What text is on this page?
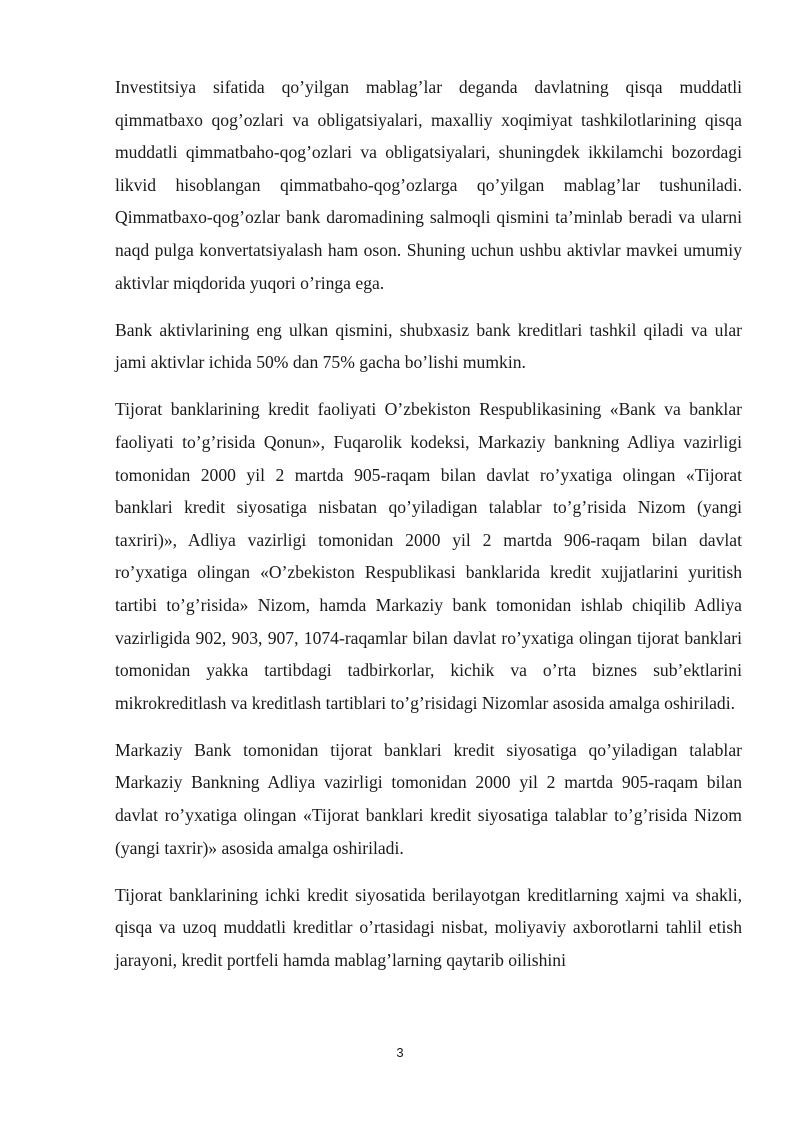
Investitsiya sifatida qo’yilgan mablag’lar deganda davlatning qisqa muddatli qimmatbaxo qog’ozlari va obligatsiyalari, maxalliy xoqimiyat tashkilotlarining qisqa muddatli qimmatbaho-qog’ozlari va obligatsiyalari, shuningdek ikkilamchi bozordagi likvid hisoblangan qimmatbaho-qog’ozlarga qo’yilgan mablag’lar tushuniladi. Qimmatbaxo-qog’ozlar bank daromadining salmoqli qismini ta’minlab beradi va ularni naqd pulga konvertatsiyalash ham oson. Shuning uchun ushbu aktivlar mavkei umumiy aktivlar miqdorida yuqori o’ringa ega.

Bank aktivlarining eng ulkan qismini, shubxasiz bank kreditlari tashkil qiladi va ular jami aktivlar ichida 50% dan 75% gacha bo’lishi mumkin.

Tijorat banklarining kredit faoliyati O’zbekiston Respublikasining «Bank va banklar faoliyati to’g’risida Qonun», Fuqarolik kodeksi, Markaziy bankning Adliya vazirligi tomonidan 2000 yil 2 martda 905-raqam bilan davlat ro’yxatiga olingan «Tijorat banklari kredit siyosatiga nisbatan qo’yiladigan talablar to’g’risida Nizom (yangi taxriri)», Adliya vazirligi tomonidan 2000 yil 2 martda 906-raqam bilan davlat ro’yxatiga olingan «O’zbekiston Respublikasi banklarida kredit xujjatlarini yuritish tartibi to’g’risida» Nizom, hamda Markaziy bank tomonidan ishlab chiqilib Adliya vazirligida 902, 903, 907, 1074-raqamlar bilan davlat ro’yxatiga olingan tijorat banklari tomonidan yakka tartibdagi tadbirkorlar, kichik va o’rta biznes sub’ektlarini mikrokreditlash va kreditlash tartiblari to’g’risidagi Nizomlar asosida amalga oshiriladi.

Markaziy Bank tomonidan tijorat banklari kredit siyosatiga qo’yiladigan talablar Markaziy Bankning Adliya vazirligi tomonidan 2000 yil 2 martda 905-raqam bilan davlat ro’yxatiga olingan «Tijorat banklari kredit siyosatiga talablar to’g’risida Nizom (yangi taxrir)» asosida amalga oshiriladi.

Tijorat banklarining ichki kredit siyosatida berilayotgan kreditlarning xajmi va shakli, qisqa va uzoq muddatli kreditlar o’rtasidagi nisbat, moliyaviy axborotlarni tahlil etish jarayoni, kredit portfeli hamda mablag’larning qaytarib oilishini

3
